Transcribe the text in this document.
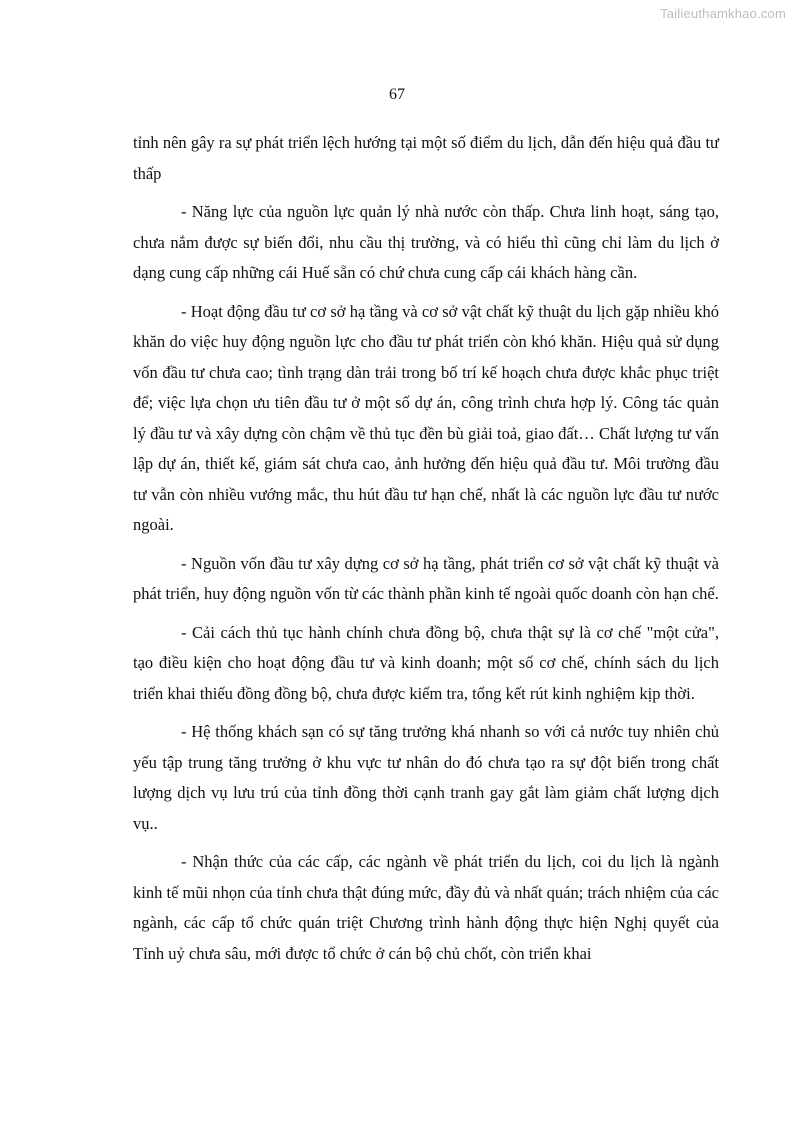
Tailieuthamkhao.com
67

tỉnh nên gây ra sự phát triển lệch hướng tại một số điểm du lịch, dẫn đến hiệu quả đầu tư thấp

- Năng lực của nguồn lực quản lý nhà nước còn thấp. Chưa linh hoạt, sáng tạo, chưa nắm được sự biến đổi, nhu cầu thị trường, và có hiểu thì cũng chỉ làm du lịch ở dạng cung cấp những cái Huế sẵn có chứ chưa cung cấp cái khách hàng cần.

- Hoạt động đầu tư cơ sở hạ tầng và cơ sở vật chất kỹ thuật du lịch gặp nhiều khó khăn do việc huy động nguồn lực cho đầu tư phát triển còn khó khăn. Hiệu quả sử dụng vốn đầu tư chưa cao; tình trạng dàn trải trong bố trí kế hoạch chưa được khắc phục triệt để; việc lựa chọn ưu tiên đầu tư ở một số dự án, công trình chưa hợp lý. Công tác quản lý đầu tư và xây dựng còn chậm về thủ tục đền bù giải toả, giao đất… Chất lượng tư vấn lập dự án, thiết kế, giám sát chưa cao, ảnh hưởng đến hiệu quả đầu tư. Môi trường đầu tư vẫn còn nhiều vướng mắc, thu hút đầu tư hạn chế, nhất là các nguồn lực đầu tư nước ngoài.

- Nguồn vốn đầu tư xây dựng cơ sở hạ tầng, phát triển cơ sở vật chất kỹ thuật và phát triển, huy động nguồn vốn từ các thành phần kinh tế ngoài quốc doanh còn hạn chế.

- Cải cách thủ tục hành chính chưa đồng bộ, chưa thật sự là cơ chế "một cửa", tạo điều kiện cho hoạt động đầu tư và kinh doanh; một số cơ chế, chính sách du lịch triển khai thiếu đồng đồng bộ, chưa được kiểm tra, tổng kết rút kinh nghiệm kịp thời.

- Hệ thống khách sạn có sự tăng trưởng khá nhanh so với cả nước tuy nhiên chủ yếu tập trung tăng trưởng ở khu vực tư nhân do đó chưa tạo ra sự đột biến trong chất lượng dịch vụ lưu trú của tỉnh đồng thời cạnh tranh gay gắt làm giảm chất lượng dịch vụ..

- Nhận thức của các cấp, các ngành về phát triển du lịch, coi du lịch là ngành kinh tế mũi nhọn của tỉnh chưa thật đúng mức, đầy đủ và nhất quán; trách nhiệm của các ngành, các cấp tổ chức quán triệt Chương trình hành động thực hiện Nghị quyết của Tỉnh uỷ chưa sâu, mới được tổ chức ở cán bộ chủ chốt, còn triển khai
